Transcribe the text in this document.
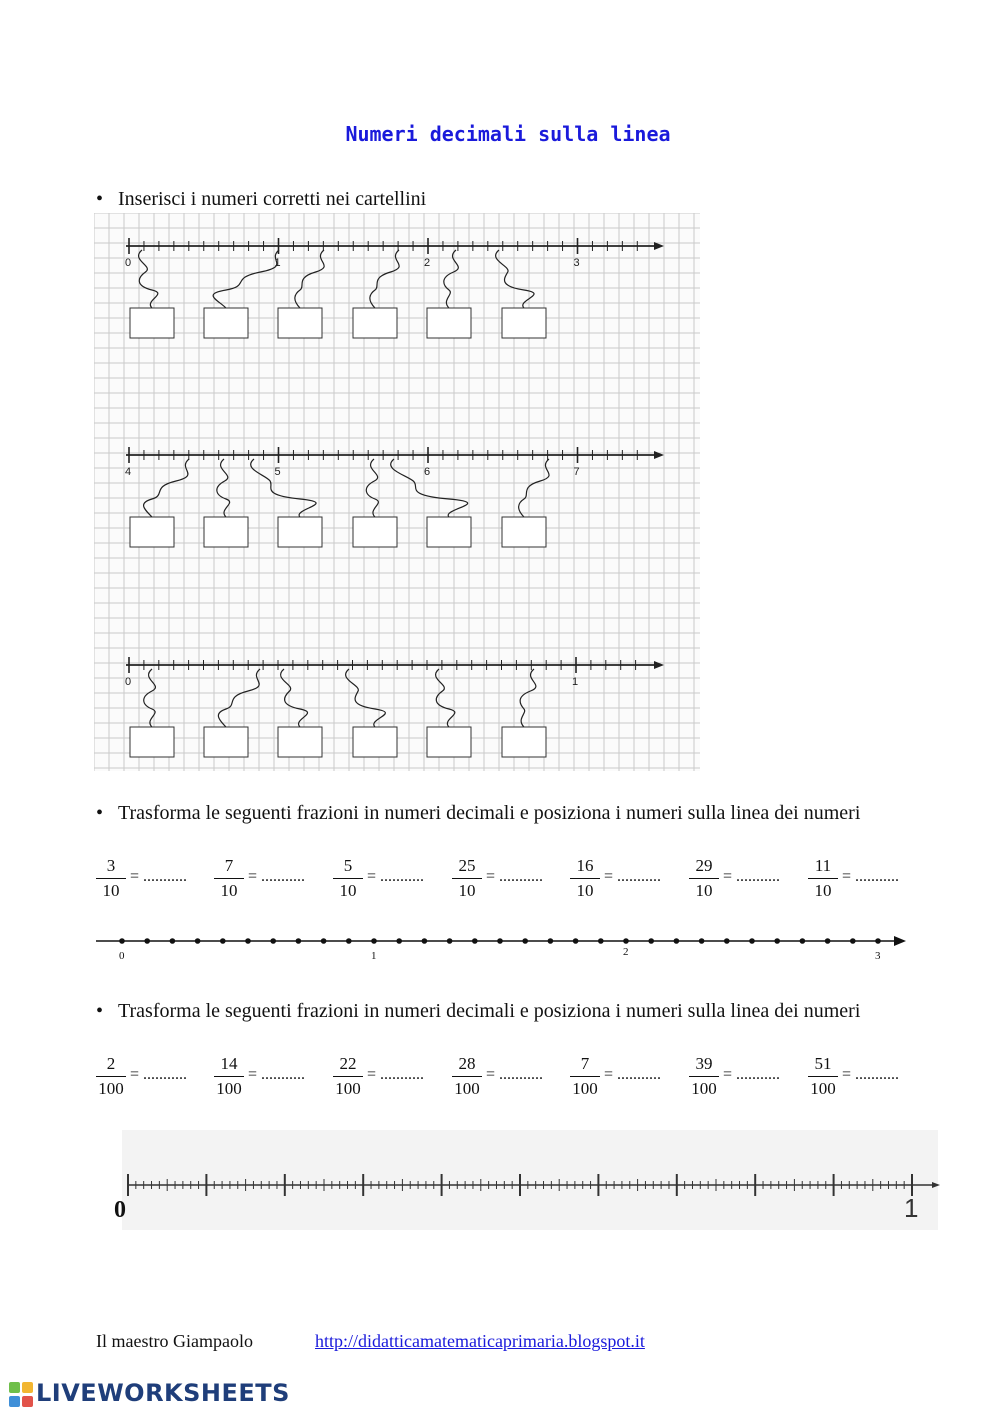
Numeri decimali sulla linea
• Inserisci i numeri corretti nei cartellini
0	1	2	3
4	5	6	7
0	1
• Trasforma le seguenti frazioni in numeri decimali e posiziona i numeri sulla linea dei numeri
3
10
= ...........
7
10
= ...........
5
10
= ...........
25
10
= ...........
16
10
= ...........
29
10
= ...........
11
10
= ...........
0	1	2	3
• Trasforma le seguenti frazioni in numeri decimali e posiziona i numeri sulla linea dei numeri
2
100
= ...........
14
100
= ...........
22
100
= ...........
28
100
= ...........
7
100
= ...........
39
100
= ...........
51
100
= ...........
0	1
Il maestro Giampaolo	http://didatticamatematicaprimaria.blogspot.it
LIVEWORKSHEETS
